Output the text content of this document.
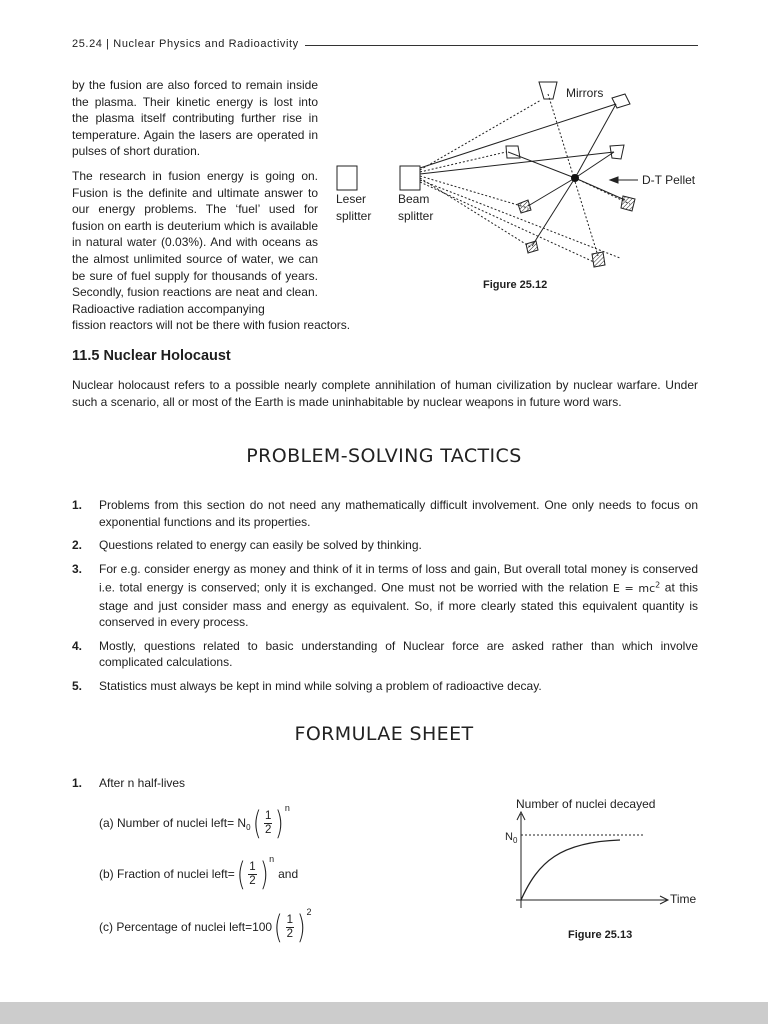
25.24 | Nuclear Physics and Radioactivity

by the fusion are also forced to remain inside the plasma. Their kinetic energy is lost into the plasma itself contributing further rise in temperature. Again the lasers are operated in pulses of short duration.

The research in fusion energy is going on. Fusion is the definite and ultimate answer to our energy problems. The ‘fuel’ used for fusion on earth is deuterium which is available in natural water (0.03%). And with oceans as the almost unlimited source of water, we can be sure of fuel supply for thousands of years. Secondly, fusion reactions are neat and clean. Radioactive radiation accompanying

fission reactors will not be there with fusion reactors.
Mirrors
D-T Pellet
Leser
splitter
Beam
splitter
Figure 25.12
11.5 Nuclear Holocaust
Nuclear holocaust refers to a possible nearly complete annihilation of human civilization by nuclear warfare. Under such a scenario, all or most of the Earth is made uninhabitable by nuclear weapons in future word wars.
PROBLEM-SOLVING TACTICS
1. Problems from this section do not need any mathematically difficult involvement. One only needs to focus on exponential functions and its properties.
2. Questions related to energy can easily be solved by thinking.
3. For e.g. consider energy as money and think of it in terms of loss and gain, But overall total money is conserved i.e. total energy is conserved; only it is exchanged. One must not be worried with the relation $E = mc^2$ at this stage and just consider mass and energy as equivalent. So, if more clearly stated this equivalent quantity is conserved in every process.
4. Mostly, questions related to basic understanding of Nuclear force are asked rather than which involve complicated calculations.
5. Statistics must always be kept in mind while solving a problem of radioactive decay.
FORMULAE SHEET
1. After n half-lives
(a) Number of nuclei left = N 0 ( $\frac{1}{2}$ ) n
(b) Fraction of nuclei left = ( $\frac{1}{2}$ ) n
and
(c) Percentage of nuclei left =100 ( $\frac{1}{2}$ ) 2
Number of nuclei decayed
$N_0$
Time
Figure 25.13
